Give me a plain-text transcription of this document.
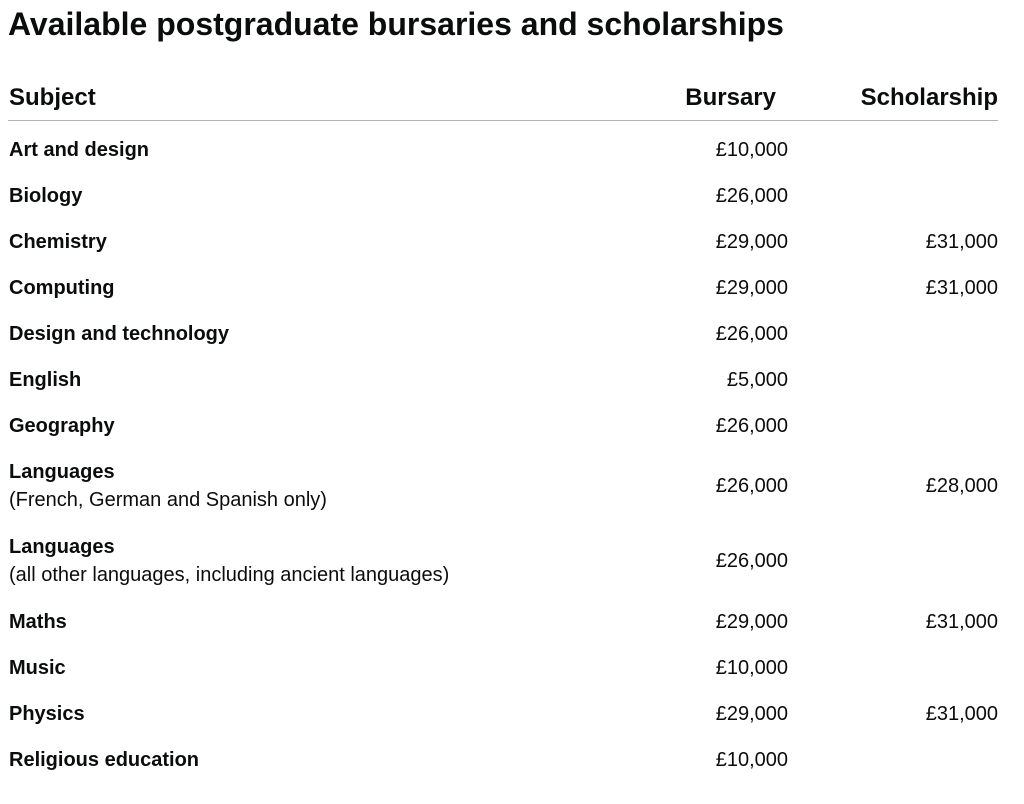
Available postgraduate bursaries and scholarships
Subject	Bursary	Scholarship
Art and design	£10,000
Biology	£26,000
Chemistry	£29,000	£31,000
Computing	£29,000	£31,000
Design and technology	£26,000
English	£5,000
Geography	£26,000
Languages
(French, German and Spanish only)
£26,000	£28,000
Languages
(all other languages, including ancient languages)
£26,000
Maths	£29,000	£31,000
Music	£10,000
Physics	£29,000	£31,000
Religious education	£10,000
